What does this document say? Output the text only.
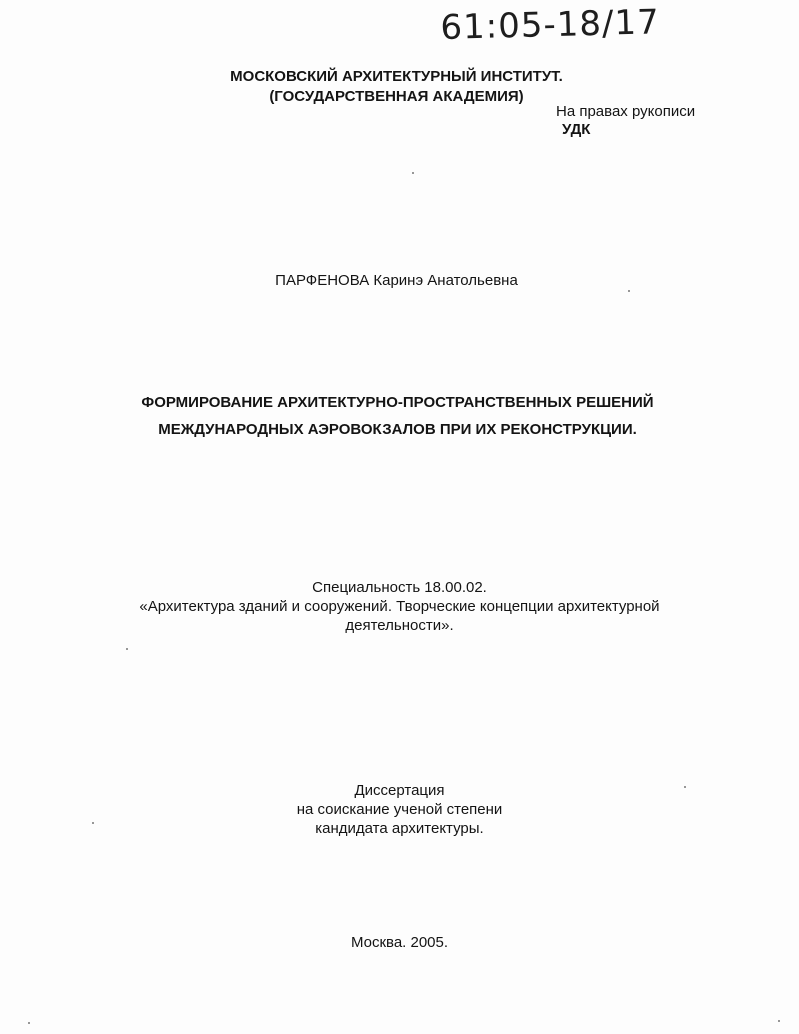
61:05-18/17
МОСКОВСКИЙ АРХИТЕКТУРНЫЙ ИНСТИТУТ.
(ГОСУДАРСТВЕННАЯ АКАДЕМИЯ)
На правах рукописи
УДК
ПАРФЕНОВА Каринэ Анатольевна
ФОРМИРОВАНИЕ АРХИТЕКТУРНО-ПРОСТРАНСТВЕННЫХ РЕШЕНИЙ
МЕЖДУНАРОДНЫХ АЭРОВОКЗАЛОВ ПРИ ИХ РЕКОНСТРУКЦИИ.
Специальность 18.00.02.
«Архитектура зданий и сооружений. Творческие концепции архитектурной
деятельности».
Диссертация
на соискание ученой степени
кандидата архитектуры.
Москва. 2005.
